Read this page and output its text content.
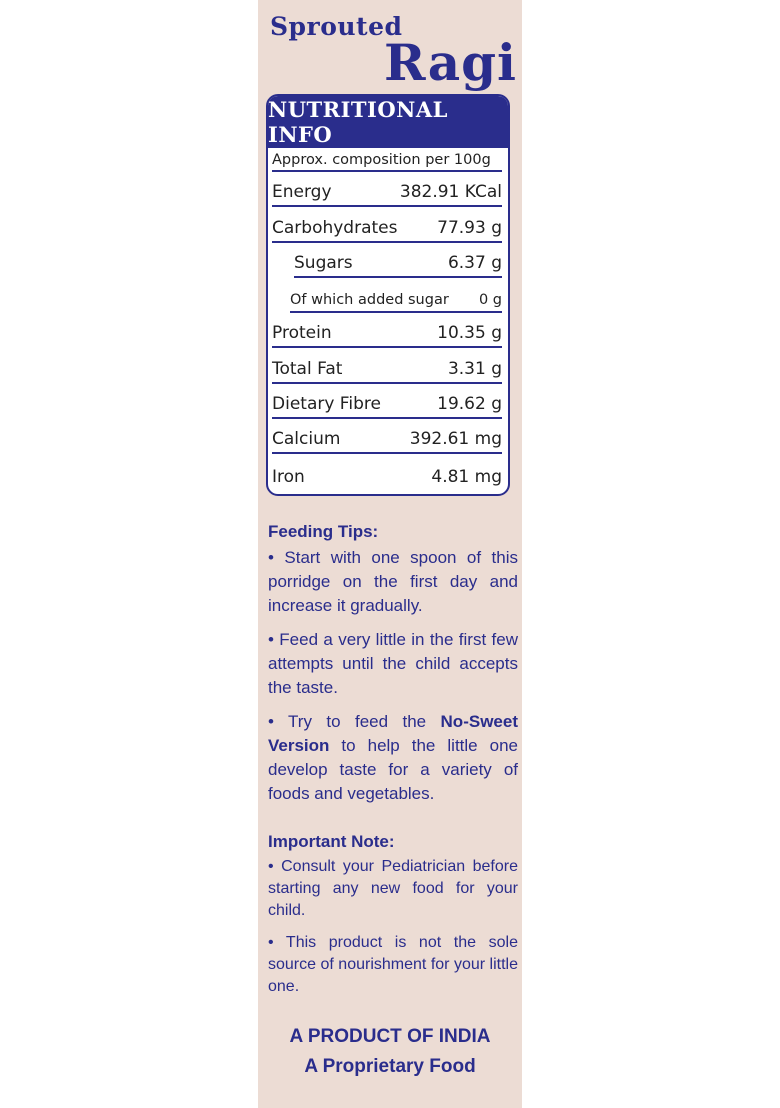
Sprouted
Ragi
NUTRITIONAL INFO
Approx. composition per 100g
Energy	382.91 KCal
Carbohydrates 77.93 g
Sugars	6.37 g
Of which added sugar 0 g
Protein	10.35 g
Total Fat	3.31 g
Dietary Fibre	19.62 g
Calcium	392.61 mg
Iron	4.81 mg
Feeding Tips:

• Start with one spoon of this porridge on the first day and increase it gradually.

• Feed a very little in the first few attempts until the child accepts the taste.

• Try to feed the No-Sweet Version to help the little one develop taste for a variety of foods and vegetables.

Important Note:

• Consult your Pediatrician before starting any new food for your child.

• This product is not the sole source of nourishment for your little one.

A PRODUCT OF INDIA
A Proprietary Food
